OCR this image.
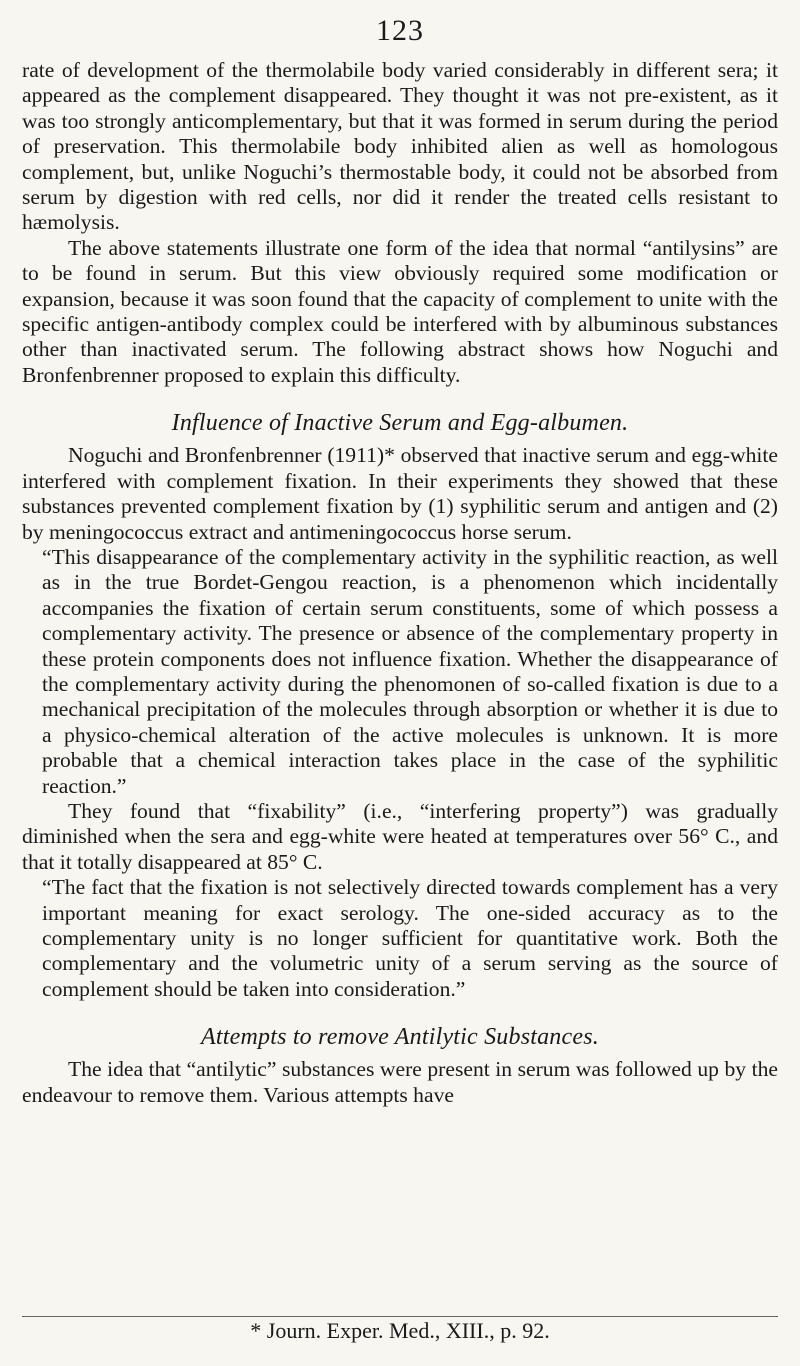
123

rate of development of the thermolabile body varied considerably in different sera; it appeared as the complement disappeared. They thought it was not pre-existent, as it was too strongly anticomplementary, but that it was formed in serum during the period of preservation. This thermolabile body inhibited alien as well as homologous complement, but, unlike Noguchi’s thermostable body, it could not be absorbed from serum by digestion with red cells, nor did it render the treated cells resistant to hæmolysis.

The above statements illustrate one form of the idea that normal “antilysins” are to be found in serum. But this view obviously required some modification or expansion, because it was soon found that the capacity of complement to unite with the specific antigen-antibody complex could be interfered with by albuminous substances other than inactivated serum. The following abstract shows how Noguchi and Bronfenbrenner proposed to explain this difficulty.

Influence of Inactive Serum and Egg-albumen.

Noguchi and Bronfenbrenner (1911)* observed that inactive serum and egg-white interfered with complement fixation. In their experiments they showed that these substances prevented complement fixation by (1) syphilitic serum and antigen and (2) by meningococcus extract and antimeningococcus horse serum.

“This disappearance of the complementary activity in the syphilitic reaction, as well as in the true Bordet-Gengou reaction, is a phenomenon which incidentally accompanies the fixation of certain serum constituents, some of which possess a complementary activity. The presence or absence of the complementary property in these protein components does not influence fixation. Whether the disappearance of the complementary activity during the phenomonen of so-called fixation is due to a mechanical precipitation of the molecules through absorption or whether it is due to a physico-chemical alteration of the active molecules is unknown. It is more probable that a chemical interaction takes place in the case of the syphilitic reaction.”

They found that “fixability” (i.e., “interfering property”) was gradually diminished when the sera and egg-white were heated at temperatures over 56° C., and that it totally disappeared at 85° C.

“The fact that the fixation is not selectively directed towards complement has a very important meaning for exact serology. The one-sided accuracy as to the complementary unity is no longer sufficient for quantitative work. Both the complementary and the volumetric unity of a serum serving as the source of complement should be taken into consideration.”

Attempts to remove Antilytic Substances.

The idea that “antilytic” substances were present in serum was followed up by the endeavour to remove them. Various attempts have

* Journ. Exper. Med., XIII., p. 92.
